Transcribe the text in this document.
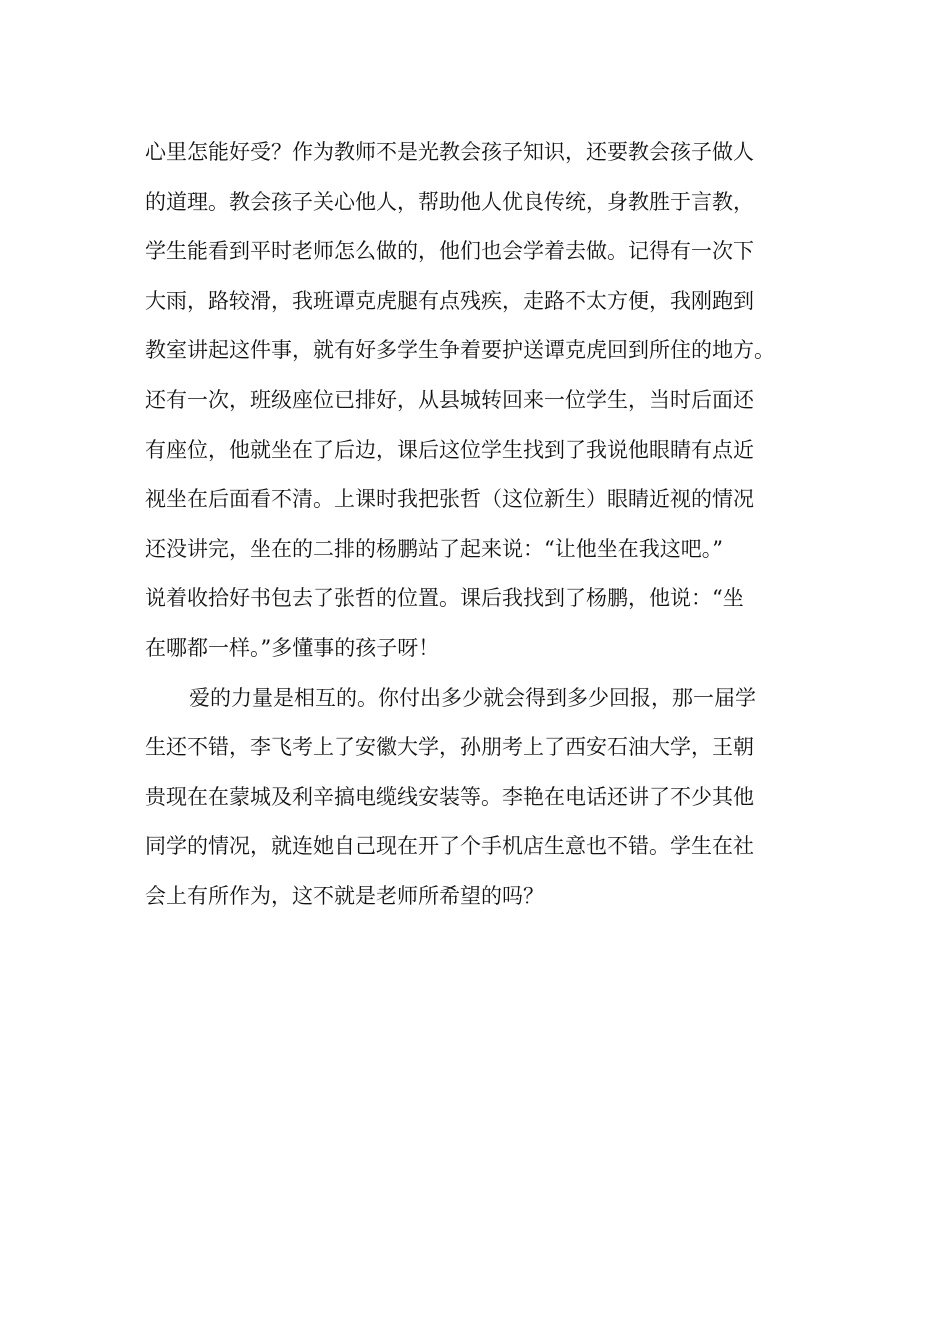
心里怎能好受？作为教师不是光教会孩子知识，还要教会孩子做人
的道理。教会孩子关心他人，帮助他人优良传统，身教胜于言教，
学生能看到平时老师怎么做的，他们也会学着去做。记得有一次下
大雨，路较滑，我班谭克虎腿有点残疾，走路不太方便，我刚跑到
教室讲起这件事，就有好多学生争着要护送谭克虎回到所住的地方。
还有一次，班级座位已排好，从县城转回来一位学生，当时后面还
有座位，他就坐在了后边，课后这位学生找到了我说他眼睛有点近
视坐在后面看不清。上课时我把张哲（这位新生）眼睛近视的情况
还没讲完，坐在的二排的杨鹏站了起来说：“让他坐在我这吧。”
说着收拾好书包去了张哲的位置。课后我找到了杨鹏，他说：“坐
在哪都一样。”多懂事的孩子呀！
爱的力量是相互的。你付出多少就会得到多少回报，那一届学
生还不错，李飞考上了安徽大学，孙朋考上了西安石油大学，王朝
贵现在在蒙城及利辛搞电缆线安装等。李艳在电话还讲了不少其他
同学的情况，就连她自己现在开了个手机店生意也不错。学生在社
会上有所作为，这不就是老师所希望的吗？
